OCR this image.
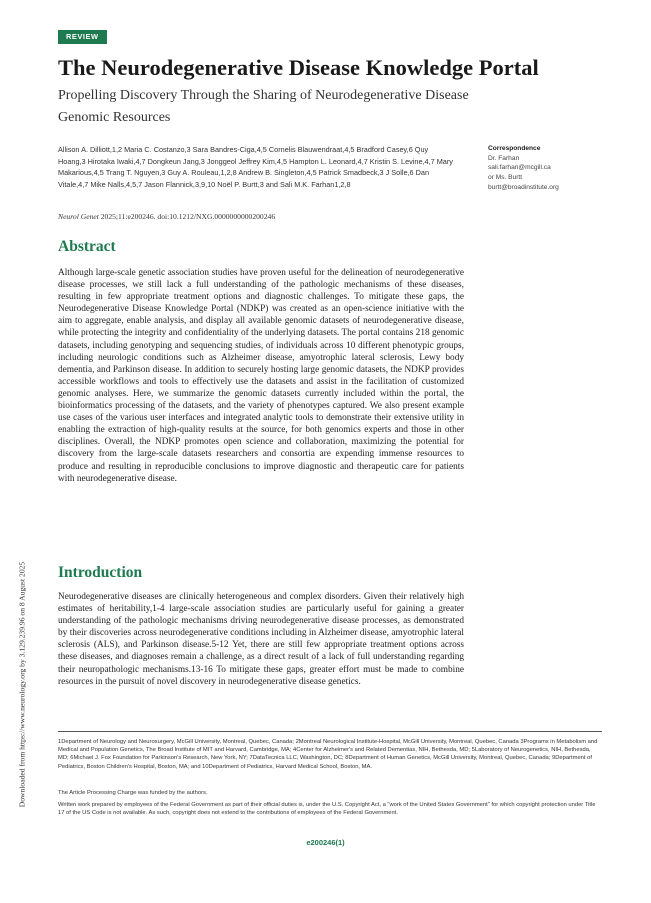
REVIEW
The Neurodegenerative Disease Knowledge Portal
Propelling Discovery Through the Sharing of Neurodegenerative Disease Genomic Resources
Allison A. Dilliott,1,2 Maria C. Costanzo,3 Sara Bandres-Ciga,4,5 Cornelis Blauwendraat,4,5 Bradford Casey,6 Quy Hoang,3 Hirotaka Iwaki,4,7 Dongkeun Jang,3 Jonggeol Jeffrey Kim,4,5 Hampton L. Leonard,4,7 Kristin S. Levine,4,7 Mary Makarious,4,5 Trang T. Nguyen,3 Guy A. Rouleau,1,2,8 Andrew B. Singleton,4,5 Patrick Smadbeck,3 J Solle,6 Dan Vitale,4,7 Mike Nalls,4,5,7 Jason Flannick,3,9,10 Noël P. Burtt,3 and Sali M.K. Farhan1,2,8
Correspondence
Dr. Farhan
sali.farhan@mcgill.ca
or Ms. Burtt
burtt@broadinstitute.org
Neurol Genet 2025;11:e200246. doi:10.1212/NXG.0000000000200246
Abstract

Although large-scale genetic association studies have proven useful for the delineation of neurodegenerative disease processes, we still lack a full understanding of the pathologic mechanisms of these diseases, resulting in few appropriate treatment options and diagnostic challenges. To mitigate these gaps, the Neurodegenerative Disease Knowledge Portal (NDKP) was created as an open-science initiative with the aim to aggregate, enable analysis, and display all available genomic datasets of neurodegenerative disease, while protecting the integrity and confidentiality of the underlying datasets. The portal contains 218 genomic datasets, including genotyping and sequencing studies, of individuals across 10 different phenotypic groups, including neurologic conditions such as Alzheimer disease, amyotrophic lateral sclerosis, Lewy body dementia, and Parkinson disease. In addition to securely hosting large genomic datasets, the NDKP provides accessible workflows and tools to effectively use the datasets and assist in the facilitation of customized genomic analyses. Here, we summarize the genomic datasets currently included within the portal, the bioinformatics processing of the datasets, and the variety of phenotypes captured. We also present example use cases of the various user interfaces and integrated analytic tools to demonstrate their extensive utility in enabling the extraction of high-quality results at the source, for both genomics experts and those in other disciplines. Overall, the NDKP promotes open science and collaboration, maximizing the potential for discovery from the large-scale datasets researchers and consortia are expending immense resources to produce and resulting in reproducible conclusions to improve diagnostic and therapeutic care for patients with neurodegenerative disease.

Introduction

Neurodegenerative diseases are clinically heterogeneous and complex disorders. Given their relatively high estimates of heritability,1-4 large-scale association studies are particularly useful for gaining a greater understanding of the pathologic mechanisms driving neurodegenerative disease processes, as demonstrated by their discoveries across neurodegenerative conditions including in Alzheimer disease, amyotrophic lateral sclerosis (ALS), and Parkinson disease.5-12 Yet, there are still few appropriate treatment options across these diseases, and diagnoses remain a challenge, as a direct result of a lack of full understanding regarding their neuropathologic mechanisms.13-16 To mitigate these gaps, greater effort must be made to combine resources in the pursuit of novel discovery in neurodegenerative disease genetics.

Downloaded from https://www.neurology.org by 3.129.239.96 on 8 August 2025	1Department of Neurology and Neurosurgery, McGill University, Montreal, Quebec, Canada; 2Montreal Neurological Institute-Hospital, McGill University, Montreal, Quebec, Canada 3Programs in Metabolism and Medical and Population Genetics, The Broad Institute of MIT and Harvard, Cambridge, MA; 4Center for Alzheimer's and Related Dementias, NIH, Bethesda, MD; 5Laboratory of Neurogenetics, NIH, Bethesda, MD; 6Michael J. Fox Foundation for Parkinson's Research, New York, NY; 7DataTecnica LLC, Washington, DC; 8Department of Human Genetics, McGill University, Montreal, Quebec, Canada; 9Department of Pediatrics, Boston Children's Hospital, Boston, MA; and 10Department of Pediatrics, Harvard Medical School, Boston, MA.
The Article Processing Charge was funded by the authors.
Written work prepared by employees of the Federal Government as part of their official duties is, under the U.S. Copyright Act, a "work of the United States Government" for which copyright protection under Title 17 of the US Code is not available. As such, copyright does not extend to the contributions of employees of the Federal Government.
e200246(1)
